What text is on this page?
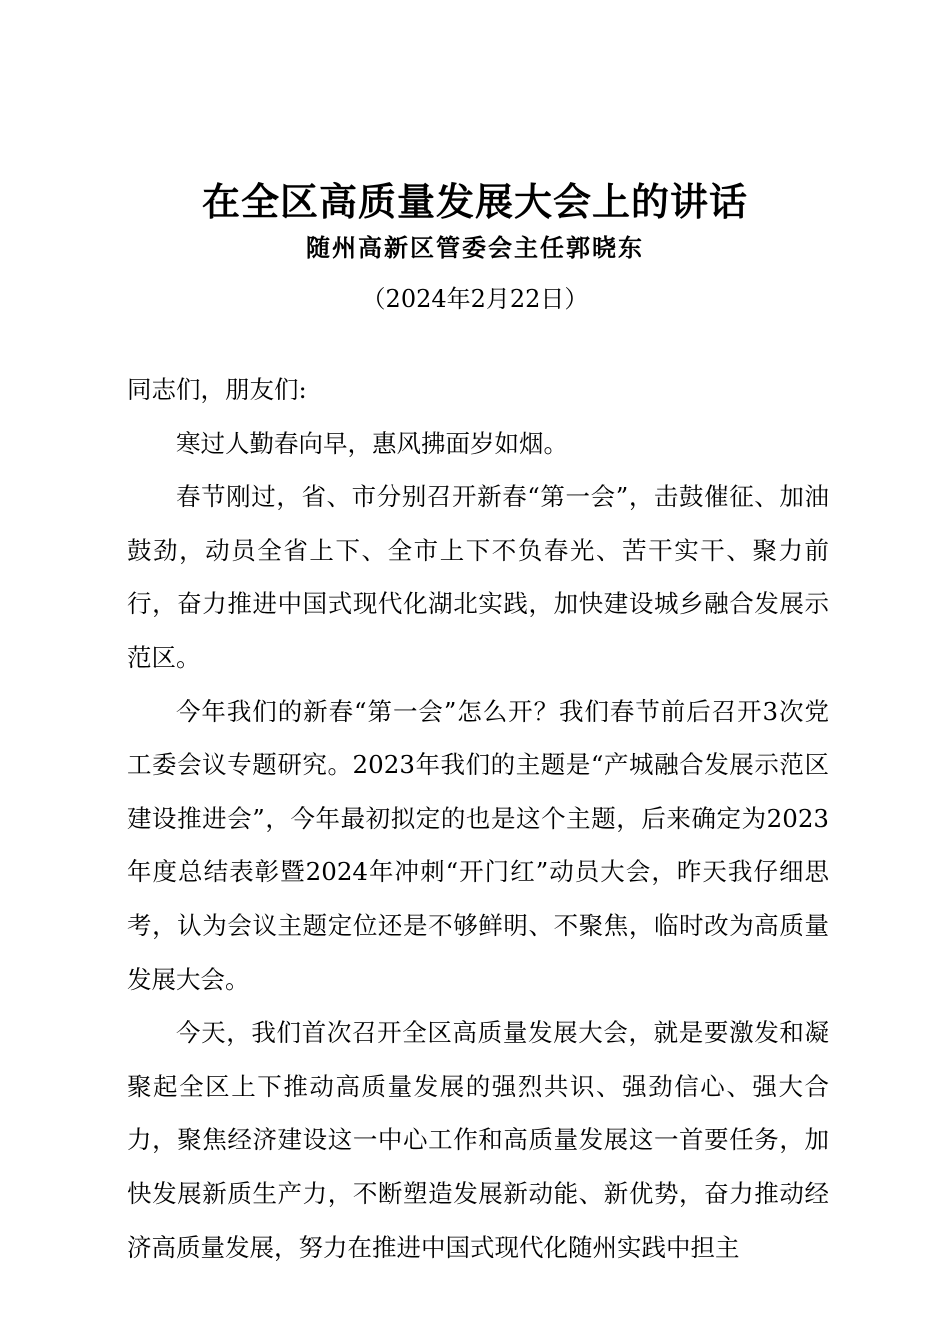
在全区高质量发展大会上的讲话
随州高新区管委会主任郭晓东
（2024年2月22日）

同志们，朋友们:

寒过人勤春向早，惠风拂面岁如烟。

春节刚过，省、市分别召开新春“第一会”，击鼓催征、加油鼓劲，动员全省上下、全市上下不负春光、苦干实干、聚力前行，奋力推进中国式现代化湖北实践，加快建设城乡融合发展示范区。

今年我们的新春“第一会”怎么开？我们春节前后召开3次党工委会议专题研究。2023年我们的主题是“产城融合发展示范区建设推进会”，今年最初拟定的也是这个主题，后来确定为2023年度总结表彰暨2024年冲刺“开门红”动员大会，昨天我仔细思考，认为会议主题定位还是不够鲜明、不聚焦，临时改为高质量发展大会。

今天，我们首次召开全区高质量发展大会，就是要激发和凝聚起全区上下推动高质量发展的强烈共识、强劲信心、强大合力，聚焦经济建设这一中心工作和高质量发展这一首要任务，加快发展新质生产力，不断塑造发展新动能、新优势，奋力推动经济高质量发展，努力在推进中国式现代化随州实践中担主
